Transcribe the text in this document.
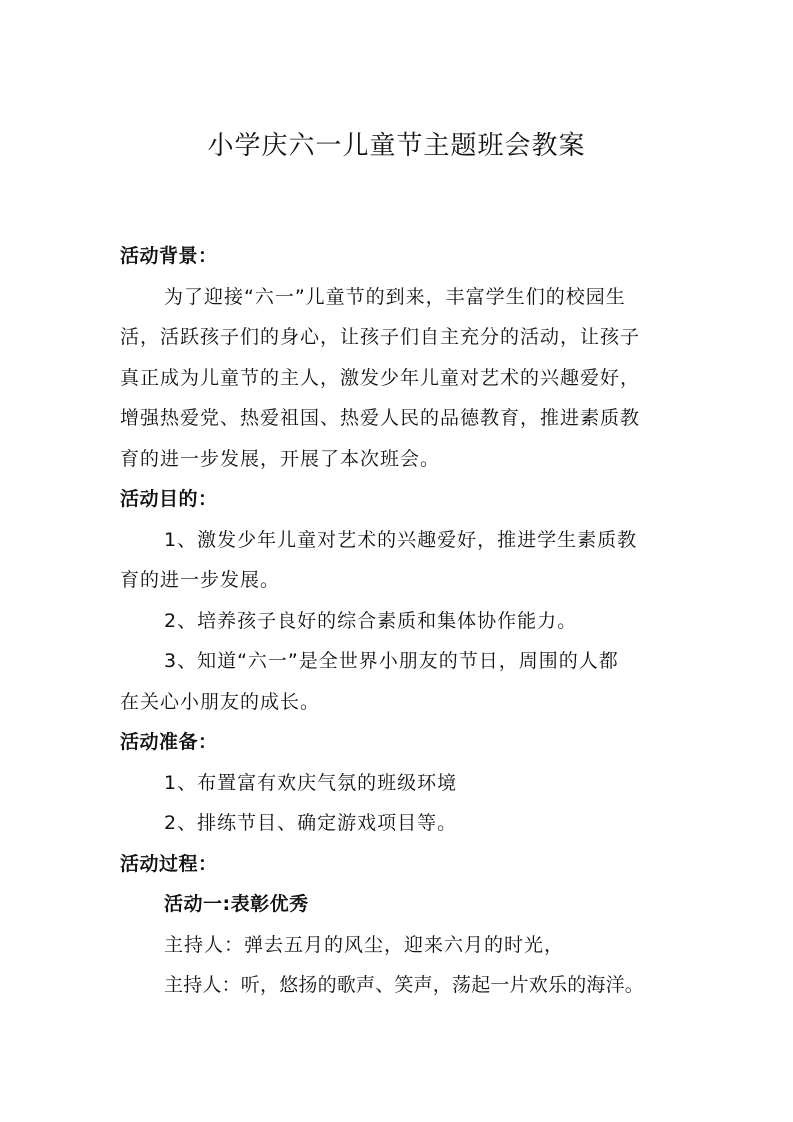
小学庆六一儿童节主题班会教案
活动背景：
为了迎接“六一”儿童节的到来，丰富学生们的校园生
活，活跃孩子们的身心，让孩子们自主充分的活动，让孩子
真正成为儿童节的主人，激发少年儿童对艺术的兴趣爱好，
增强热爱党、热爱祖国、热爱人民的品德教育，推进素质教
育的进一步发展，开展了本次班会。
活动目的：
1、激发少年儿童对艺术的兴趣爱好，推进学生素质教
育的进一步发展。
2、培养孩子良好的综合素质和集体协作能力。
3、知道“六一”是全世界小朋友的节日，周围的人都
在关心小朋友的成长。
活动准备：
1、布置富有欢庆气氛的班级环境
2、排练节目、确定游戏项目等。
活动过程：
活动一:表彰优秀
主持人：弹去五月的风尘，迎来六月的时光，
主持人：听，悠扬的歌声、笑声，荡起一片欢乐的海洋。
